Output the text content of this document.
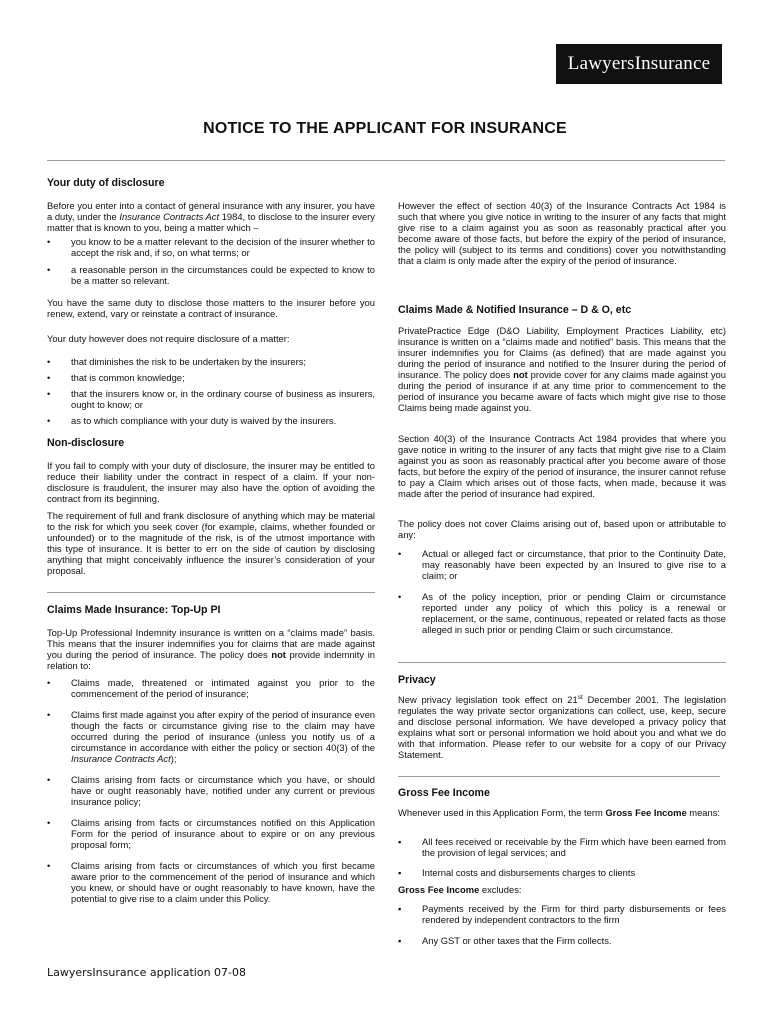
LawyersInsurance
NOTICE TO THE APPLICANT FOR INSURANCE
Your duty of disclosure
Before you enter into a contact of general insurance with any insurer, you have a duty, under the Insurance Contracts Act 1984, to disclose to the insurer every matter that is known to you, being a matter which –
•	you know to be a matter relevant to the decision of the insurer whether to accept the risk and, if so, on what terms; or
•	a reasonable person in the circumstances could be expected to know to be a matter so relevant.
You have the same duty to disclose those matters to the insurer before you renew, extend, vary or reinstate a contract of insurance.
Your duty however does not require disclosure of a matter:
•	that diminishes the risk to be undertaken by the insurers;
•	that is common knowledge;
•	that the insurers know or, in the ordinary course of business as insurers, ought to know; or
•	as to which compliance with your duty is waived by the insurers.
Non-disclosure
If you fail to comply with your duty of disclosure, the insurer may be entitled to reduce their liability under the contract in respect of a claim. If your non-disclosure is fraudulent, the insurer may also have the option of avoiding the contract from its beginning.
The requirement of full and frank disclosure of anything which may be material to the risk for which you seek cover (for example, claims, whether founded or unfounded) or to the magnitude of the risk, is of the utmost importance with this type of insurance. It is better to err on the side of caution by disclosing anything that might conceivably influence the insurer’s consideration of your proposal.
Claims Made Insurance: Top-Up PI
Top-Up Professional Indemnity insurance is written on a “claims made” basis. This means that the insurer indemnifies you for claims that are made against you during the period of insurance. The policy does not provide indemnity in relation to:
•	Claims made, threatened or intimated against you prior to the commencement of the period of insurance;
•	Claims first made against you after expiry of the period of insurance even though the facts or circumstance giving rise to the claim may have occurred during the period of insurance (unless you notify us of a circumstance in accordance with either the policy or section 40(3) of the Insurance Contracts Act);
•	Claims arising from facts or circumstance which you have, or should have or ought reasonably have, notified under any current or previous insurance policy;
•	Claims arising from facts or circumstances notified on this Application Form for the period of insurance about to expire or on any previous proposal form;
•	Claims arising from facts or circumstances of which you first became aware prior to the commencement of the period of insurance and which you knew, or should have or ought reasonably to have known, have the potential to give rise to a claim under this Policy.
However the effect of section 40(3) of the Insurance Contracts Act 1984 is such that where you give notice in writing to the insurer of any facts that might give rise to a claim against you as soon as reasonably practical after you become aware of those facts, but before the expiry of the period of insurance, the policy will (subject to its terms and conditions) cover you notwithstanding that a claim is only made after the expiry of the period of insurance.
Claims Made & Notified Insurance – D & O, etc
PrivatePractice Edge (D&O Liability, Employment Practices Liability, etc) insurance is written on a “claims made and notified” basis. This means that the insurer indemnifies you for Claims (as defined) that are made against you during the period of insurance and notified to the Insurer during the period of insurance. The policy does not provide cover for any claims made against you during the period of insurance if at any time prior to commencement to the period of insurance you became aware of facts which might give rise to those Claims being made against you.
Section 40(3) of the Insurance Contracts Act 1984 provides that where you gave notice in writing to the insurer of any facts that might give rise to a Claim against you as soon as reasonably practical after you become aware of those facts, but before the expiry of the period of insurance, the insurer cannot refuse to pay a Claim which arises out of those facts, when made, because it was made after the period of insurance had expired.
The policy does not cover Claims arising out of, based upon or attributable to any:
•	Actual or alleged fact or circumstance, that prior to the Continuity Date, may reasonably have been expected by an Insured to give rise to a claim; or
•	As of the policy inception, prior or pending Claim or circumstance reported under any policy of which this policy is a renewal or replacement, or the same, continuous, repeated or related facts as those alleged in such prior or pending Claim or such circumstance.
Privacy
New privacy legislation took effect on 21st December 2001. The legislation regulates the way private sector organizations can collect, use, keep, secure and disclose personal information. We have developed a privacy policy that explains what sort or personal information we hold about you and what we do with that information. Please refer to our website for a copy of our Privacy Statement.
Gross Fee Income
Whenever used in this Application Form, the term Gross Fee Income means:
▪	All fees received or receivable by the Firm which have been earned from the provision of legal services; and
▪	Internal costs and disbursements charges to clients
Gross Fee Income excludes:
▪	Payments received by the Firm for third party disbursements or fees rendered by independent contractors to the firm
▪	Any GST or other taxes that the Firm collects.
LawyersInsurance application 07-08
